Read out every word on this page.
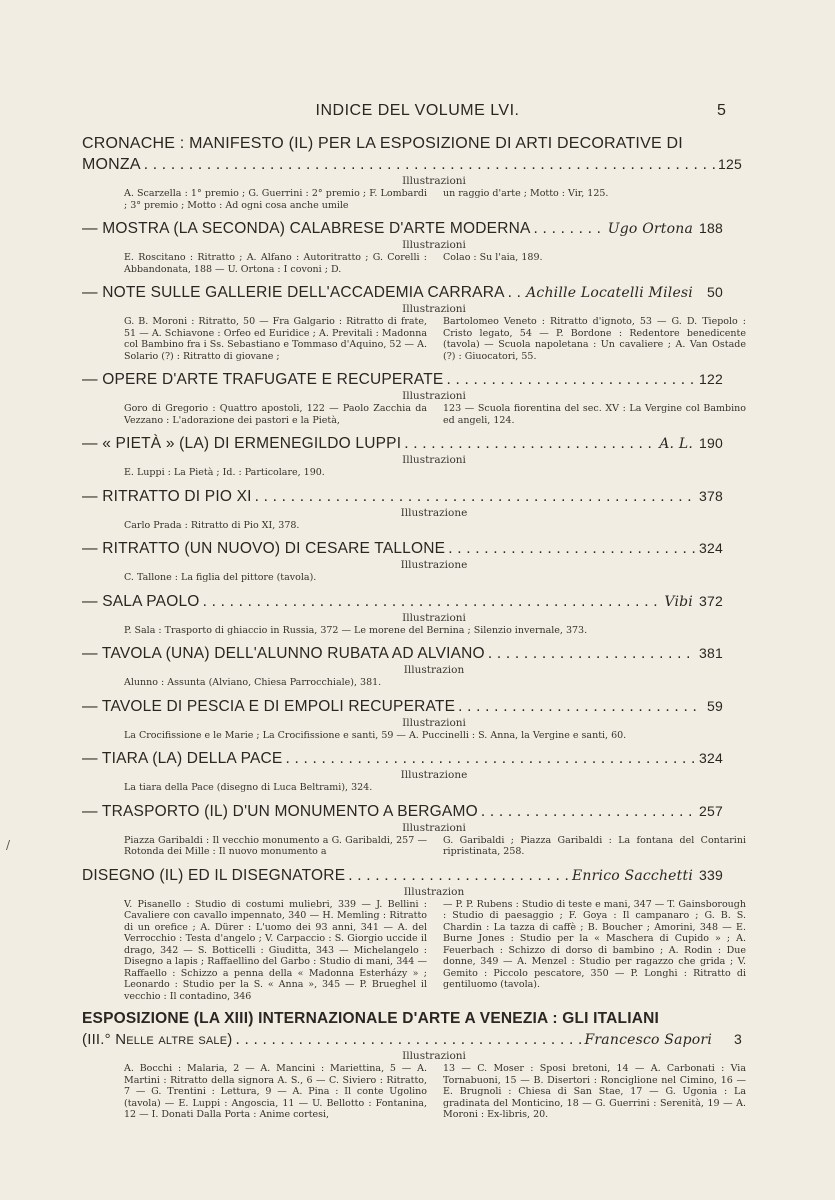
INDICE DEL VOLUME LVI.	5
/
CRONACHE : MANIFESTO (IL) PER LA ESPOSIZIONE DI ARTI DECORATIVE DI
MONZA . . .	125
Illustrazioni
A. Scarzella : 1° premio ; G. Guerrini : 2° premio ; F. Lombardi ; 3° premio ; Motto : Ad ogni cosa anche umile
un raggio d'arte ; Motto : Vir, 125.
— MOSTRA (LA SECONDA) CALABRESE D'ARTE MODERNA . . .	Ugo Ortona 188
Illustrazioni
E. Roscitano : Ritratto ; A. Alfano : Autoritratto ; G. Corelli : Abbandonata, 188 — U. Ortona : I covoni ; D.
Colao : Su l'aia, 189.
— NOTE SULLE GALLERIE DELL'ACCADEMIA CARRARA . . . Achille Locatelli Milesi	50
Illustrazioni
G. B. Moroni : Ritratto, 50 — Fra Galgario : Ritratto di frate, 51 — A. Schiavone : Orfeo ed Euridice ; A. Previtali : Madonna col Bambino fra i Ss. Sebastiano e Tommaso d'Aquino, 52 — A. Solario (?) : Ritratto di giovane ;
Bartolomeo Veneto : Ritratto d'ignoto, 53 — G. D. Tiepolo : Cristo legato, 54 — P. Bordone : Redentore benedicente (tavola) — Scuola napoletana : Un cavaliere ; A. Van Ostade (?) : Giuocatori, 55.
— OPERE D'ARTE TRAFUGATE E RECUPERATE . . .	122
Illustrazioni
Goro di Gregorio : Quattro apostoli, 122 — Paolo Zacchia da Vezzano : L'adorazione dei pastori e la Pietà,
123 — Scuola fiorentina del sec. XV : La Vergine col Bambino ed angeli, 124.
— « PIETÀ » (LA) DI ERMENEGILDO LUPPI . . .	A. L. 190
Illustrazioni
E. Luppi : La Pietà ; Id. : Particolare, 190.
— RITRATTO DI PIO XI . . .	378
Illustrazione
Carlo Prada : Ritratto di Pio XI, 378.
— RITRATTO (UN NUOVO) DI CESARE TALLONE . . .	324
Illustrazione
C. Tallone : La figlia del pittore (tavola).
— SALA PAOLO . . .	Vibi 372
Illustrazioni
P. Sala : Trasporto di ghiaccio in Russia, 372 — Le morene del Bernina ; Silenzio invernale, 373.
— TAVOLA (UNA) DELL'ALUNNO RUBATA AD ALVIANO . . .	381
Illustrazion
Alunno : Assunta (Alviano, Chiesa Parrocchiale), 381.
— TAVOLE DI PESCIA E DI EMPOLI RECUPERATE . . .	59
Illustrazioni
La Crocifissione e le Marie ; La Crocifissione e santi, 59 — A. Puccinelli : S. Anna, la Vergine e santi, 60.
— TIARA (LA) DELLA PACE . . .	324
Illustrazione
La tiara della Pace (disegno di Luca Beltrami), 324.
— TRASPORTO (IL) D'UN MONUMENTO A BERGAMO . . .	257
Illustrazioni
Piazza Garibaldi : Il vecchio monumento a G. Garibaldi, 257 — Rotonda dei Mille : Il nuovo monumento a
G. Garibaldi ; Piazza Garibaldi : La fontana del Contarini ripristinata, 258.
DISEGNO (IL) ED IL DISEGNATORE . . .	Enrico Sacchetti 339
Illustrazion
V. Pisanello : Studio di costumi muliebri, 339 — J. Bellini : Cavaliere con cavallo impennato, 340 — H. Memling : Ritratto di un orefice ; A. Dürer : L'uomo dei 93 anni, 341 — A. del Verrocchio : Testa d'angelo ; V. Carpaccio : S. Giorgio uccide il drago, 342 — S. Botticelli : Giuditta, 343 — Michelangelo : Disegno a lapis ; Raffaellino del Garbo : Studio di mani, 344 — Raffaello : Schizzo a penna della « Madonna Esterházy » ; Leonardo : Studio per la S. « Anna », 345 — P. Brueghel il vecchio : Il contadino, 346
— P. P. Rubens : Studio di teste e mani, 347 — T. Gainsborough : Studio di paesaggio ; F. Goya : Il campanaro ; G. B. S. Chardin : La tazza di caffè ; B. Boucher ; Amorini, 348 — E. Burne Jones : Studio per la « Maschera di Cupido » ; A. Feuerbach : Schizzo di dorso di bambino ; A. Rodin : Due donne, 349 — A. Menzel : Studio per ragazzo che grida ; V. Gemito : Piccolo pescatore, 350 — P. Longhi : Ritratto di gentiluomo (tavola).
ESPOSIZIONE (LA XIII) INTERNAZIONALE D'ARTE A VENEZIA : GLI ITALIANI
(III.° Nelle altre sale) . . .	Francesco Sapori	3
Illustrazioni
A. Bocchi : Malaria, 2 — A. Mancini : Mariettina, 5 — A. Martini : Ritratto della signora A. S., 6 — C. Siviero : Ritratto, 7 — G. Trentini : Lettura, 9 — A. Pina : Il conte Ugolino (tavola) — E. Luppi : Angoscia, 11 — U. Bellotto : Fontanina, 12 — I. Donati Dalla Porta : Anime cortesi,
13 — C. Moser : Sposi bretoni, 14 — A. Carbonati : Via Tornabuoni, 15 — B. Disertori : Ronciglione nel Cimino, 16 — E. Brugnoli : Chiesa di San Stae, 17 — G. Ugonia : La gradinata del Monticino, 18 — G. Guerrini : Serenità, 19 — A. Moroni : Ex-libris, 20.
